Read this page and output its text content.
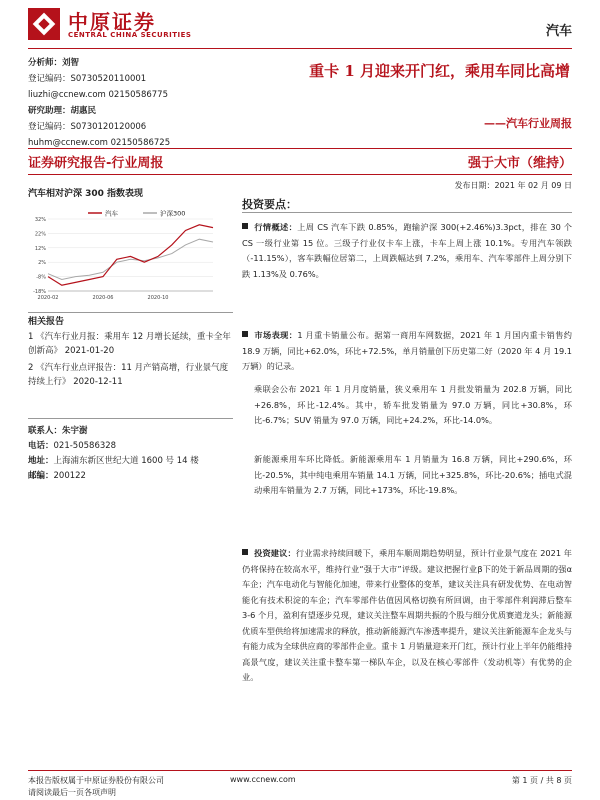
中原证券
CENTRAL CHINA SECURITIES	汽车
分析师：刘智
登记编码：S0730520110001
liuzhi@ccnew.com 02150586775
研究助理：胡惠民
登记编码：S0730120120006
huhm@ccnew.com 02150586725
重卡 1 月迎来开门红，乘用车同比高增
——汽车行业周报
证券研究报告-行业周报	强于大市（维持）
发布日期：2021 年 02 月 09 日
汽车相对沪深 300 指数表现
32%
22%
12%
2%
-8%
-18%
2020-02	2020-06	2020-10
汽车	沪深300
相关报告
1 《汽车行业月报：乘用车 12 月增长延续，重卡全年创新高》 2021-01-20
2 《汽车行业点评报告：11 月产销高增，行业景气度持续上行》 2020-12-11
联系人：朱宇澍
电话：021-50586328
地址：上海浦东新区世纪大道 1600 号 14 楼
邮编：200122
投资要点：
行情概述：上周 CS 汽车下跌 0.85%，跑输沪深 300(+2.46%)3.3pct，排在 30 个 CS 一级行业第 15 位。三级子行业仅卡车上涨，卡车上周上涨 10.1%。专用汽车领跌（-11.15%），客车跌幅位居第二，上周跌幅达到 7.2%，乘用车、汽车零部件上周分别下跌 1.13%及 0.76%。
市场表现：1 月重卡销量公布。据第一商用车网数据，2021 年 1 月国内重卡销售约 18.9 万辆，同比+62.0%，环比+72.5%，单月销量创下历史第二好（2020 年 4 月 19.1 万辆）的记录。
乘联会公布 2021 年 1 月月度销量，狭义乘用车 1 月批发销量为 202.8 万辆，同比+26.8%，环比-12.4%。其中，轿车批发销量为 97.0 万辆，同比+30.8%，环比-6.7%；SUV 销量为 97.0 万辆，同比+24.2%，环比-14.0%。
新能源乘用车环比降低。新能源乘用车 1 月销量为 16.8 万辆，同比+290.6%，环比-20.5%，其中纯电乘用车销量 14.1 万辆，同比+325.8%，环比-20.6%；插电式混动乘用车销量为 2.7 万辆，同比+173%，环比-19.8%。
投资建议：行业需求持续回暖下，乘用车顺周期趋势明显，预计行业景气度在 2021 年仍将保持在较高水平，维持行业“强于大市”评级。建议把握行业β下的处于新品周期的强α车企；汽车电动化与智能化加速，带来行业整体的变革，建议关注具有研发优势、在电动智能化有技术积淀的车企；汽车零部件估值因风格切换有所回调，由于零部件利润滞后整车 3-6 个月，盈利有望逐步兑现，建议关注整车周期共振的个股与细分优质赛道龙头；新能源优质车型供给将加速需求的释放，推动新能源汽车渗透率提升，建议关注新能源车企龙头与有能力成为全球供应商的零部件企业。重卡 1 月销量迎来开门红，预计行业上半年仍能维持高景气度，建议关注重卡整车第一梯队车企，以及在核心零部件（发动机等）有优势的企业。
本报告版权属于中原证券股份有限公司
请阅读最后一页各项声明
www.ccnew.com	第 1 页 / 共 8 页
